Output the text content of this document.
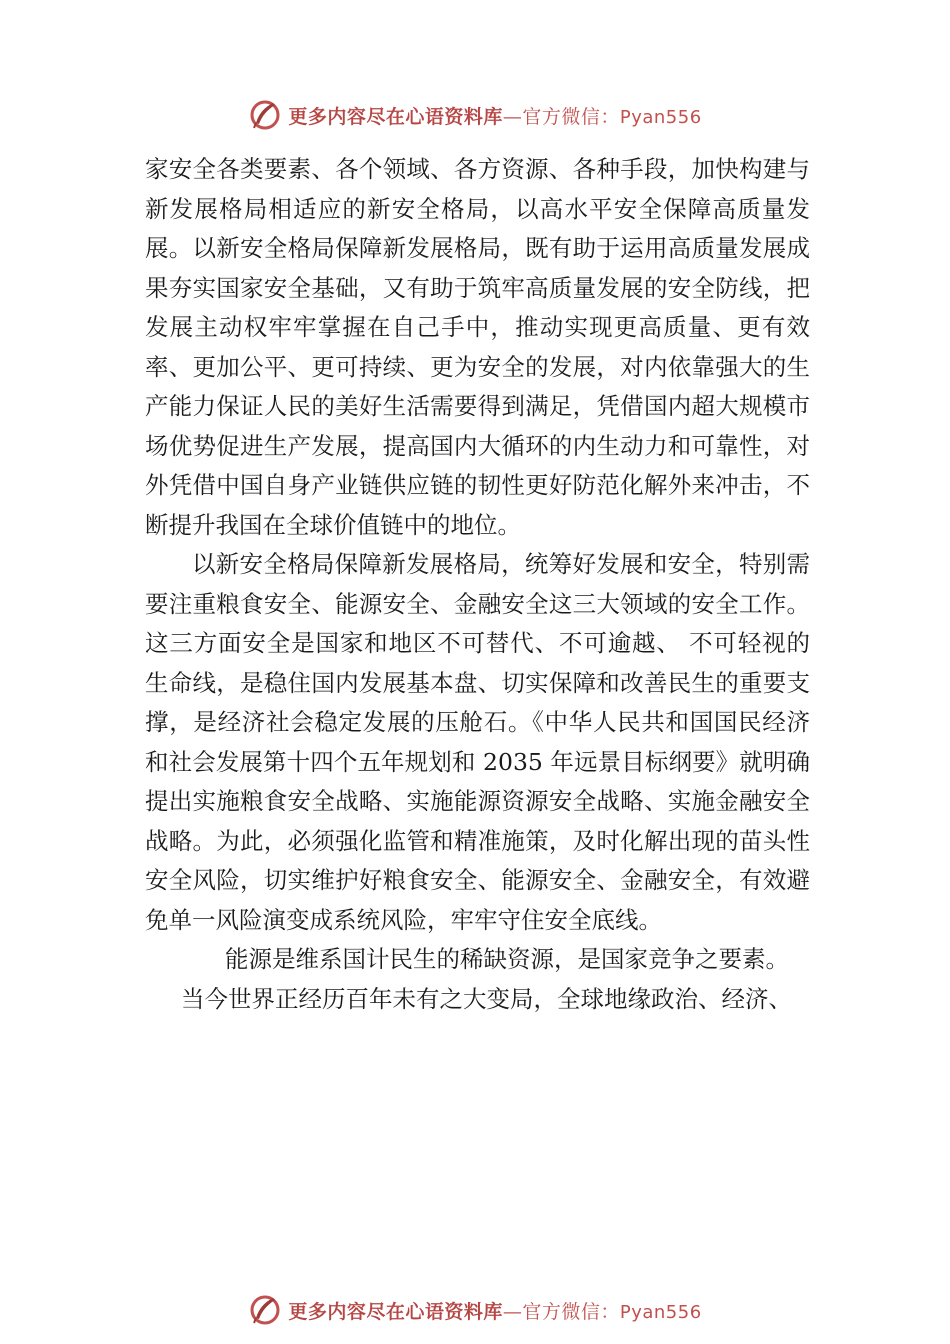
更多内容尽在心语资料库—官方微信：Pyan556

家安全各类要素、各个领域、各方资源、各种手段，加快构建与新发展格局相适应的新安全格局，以高水平安全保障高质量发展。以新安全格局保障新发展格局，既有助于运用高质量发展成果夯实国家安全基础，又有助于筑牢高质量发展的安全防线，把发展主动权牢牢掌握在自己手中，推动实现更高质量、更有效率、更加公平、更可持续、更为安全的发展，对内依靠强大的生产能力保证人民的美好生活需要得到满足，凭借国内超大规模市场优势促进生产发展，提高国内大循环的内生动力和可靠性，对外凭借中国自身产业链供应链的韧性更好防范化解外来冲击，不断提升我国在全球价值链中的地位。

以新安全格局保障新发展格局，统筹好发展和安全，特别需要注重粮食安全、能源安全、金融安全这三大领域的安全工作。这三方面安全是国家和地区不可替代、不可逾越、 不可轻视的生命线，是稳住国内发展基本盘、切实保障和改善民生的重要支撑，是经济社会稳定发展的压舱石。《中华人民共和国国民经济和社会发展第十四个五年规划和 2035 年远景目标纲要》就明确提出实施粮食安全战略、实施能源资源安全战略、实施金融安全战略。为此，必须强化监管和精准施策，及时化解出现的苗头性安全风险，切实维护好粮食安全、能源安全、金融安全，有效避免单一风险演变成系统风险，牢牢守住安全底线。

能源是维系国计民生的稀缺资源，是国家竞争之要素。

当今世界正经历百年未有之大变局，全球地缘政治、经济、

更多内容尽在心语资料库—官方微信：Pyan556
